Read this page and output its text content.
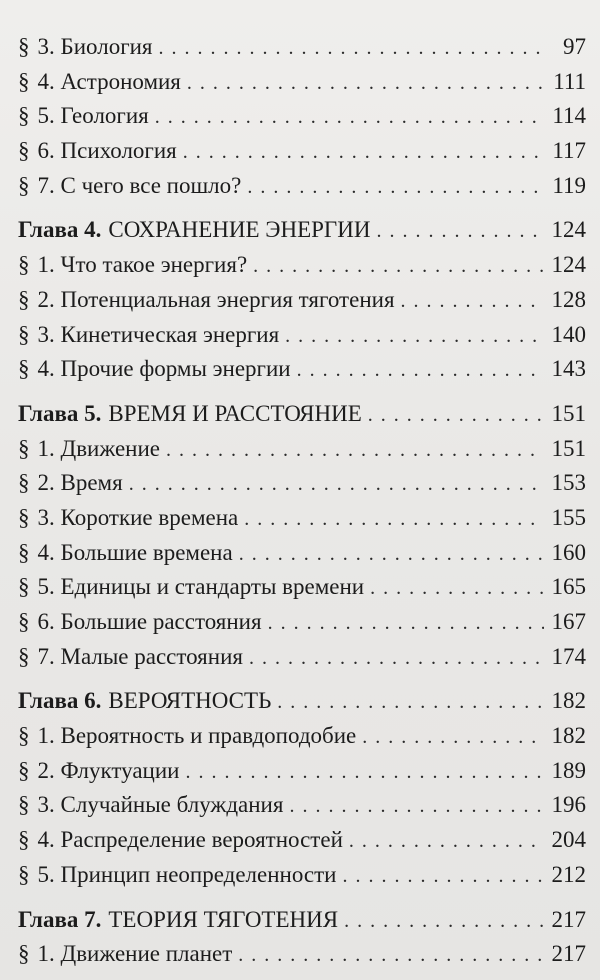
§ 3. Биология . . .	97
§ 4. Астрономия . . .	111
§ 5. Геология . . .	114
§ 6. Психология . . .	117
§ 7. С чего все пошло? . . .	119
Глава 4. СОХРАНЕНИЕ ЭНЕРГИИ . . .	124
§ 1. Что такое энергия? . . .	124
§ 2. Потенциальная энергия тяготения . . .	128
§ 3. Кинетическая энергия . . .	140
§ 4. Прочие формы энергии . . .	143
Глава 5. ВРЕМЯ И РАССТОЯНИЕ . . .	151
§ 1. Движение . . .	151
§ 2. Время . . .	153
§ 3. Короткие времена . . .	155
§ 4. Большие времена . . .	160
§ 5. Единицы и стандарты времени . . .	165
§ 6. Большие расстояния . . .	167
§ 7. Малые расстояния . . .	174
Глава 6. ВЕРОЯТНОСТЬ . . .	182
§ 1. Вероятность и правдоподобие . . .	182
§ 2. Флуктуации . . .	189
§ 3. Случайные блуждания . . .	196
§ 4. Распределение вероятностей . . .	204
§ 5. Принцип неопределенности . . .	212
Глава 7. ТЕОРИЯ ТЯГОТЕНИЯ . . .	217
§ 1. Движение планет . . .	217
